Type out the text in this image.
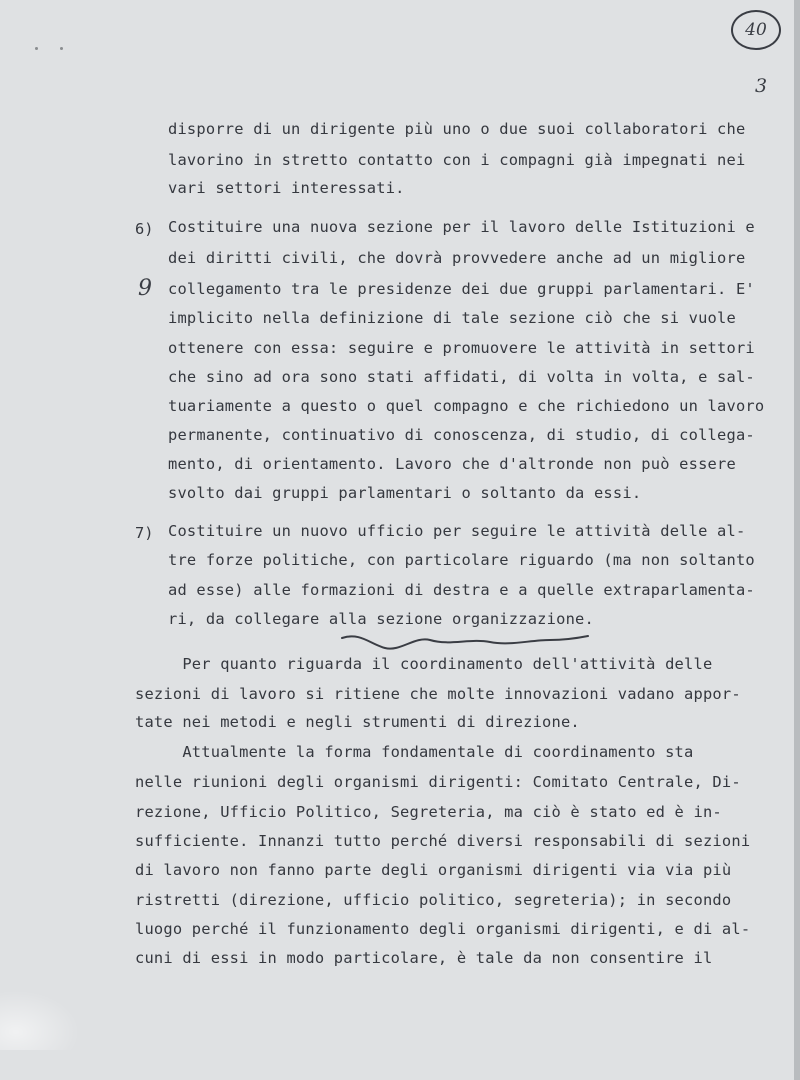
40
3
9
disporre di un dirigente più uno o due suoi collaboratori che
lavorino in stretto contatto con i compagni già impegnati nei
vari settori interessati.
6) Costituire una nuova sezione per il lavoro delle Istituzioni e
dei diritti civili, che dovrà provvedere anche ad un migliore
collegamento tra le presidenze dei due gruppi parlamentari. E'
implicito nella definizione di tale sezione ciò che si vuole
ottenere con essa: seguire e promuovere le attività in settori
che sino ad ora sono stati affidati, di volta in volta, e sal-
tuariamente a questo o quel compagno e che richiedono un lavoro
permanente, continuativo di conoscenza, di studio, di collega-
mento, di orientamento. Lavoro che d'altronde non può essere
svolto dai gruppi parlamentari o soltanto da essi.
7) Costituire un nuovo ufficio per seguire le attività delle al-
tre forze politiche, con particolare riguardo (ma non soltanto
ad esse) alle formazioni di destra e a quelle extraparlamenta-
ri, da collegare alla sezione organizzazione.
Per quanto riguarda il coordinamento dell'attività delle
sezioni di lavoro si ritiene che molte innovazioni vadano appor-
tate nei metodi e negli strumenti di direzione.
Attualmente la forma fondamentale di coordinamento sta
nelle riunioni degli organismi dirigenti: Comitato Centrale, Di-
rezione, Ufficio Politico, Segreteria, ma ciò è stato ed è in-
sufficiente. Innanzi tutto perché diversi responsabili di sezioni
di lavoro non fanno parte degli organismi dirigenti via via più
ristretti (direzione, ufficio politico, segreteria); in secondo
luogo perché il funzionamento degli organismi dirigenti, e di al-
cuni di essi in modo particolare, è tale da non consentire il
